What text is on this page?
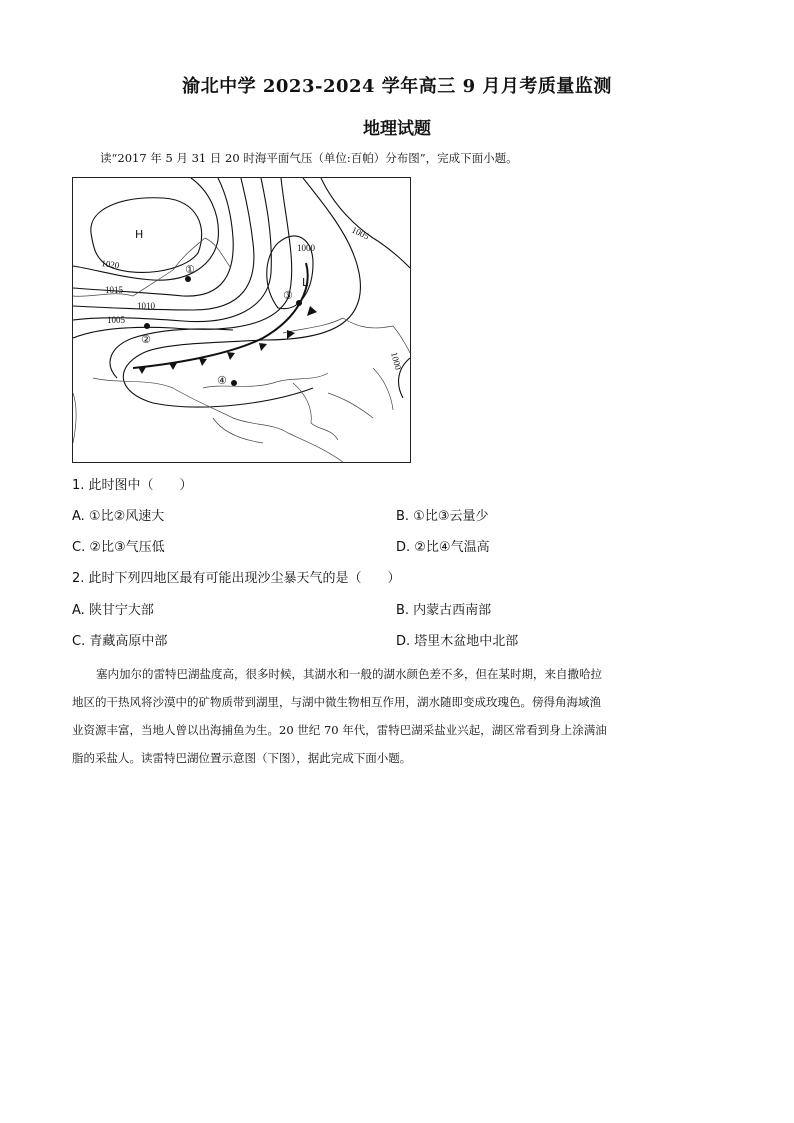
渝北中学 2023-2024 学年高三 9 月月考质量监测
地理试题
读“2017 年 5 月 31 日 20 时海平面气压（单位:百帕）分布图”，完成下面小题。
H
L
1020
1015
1010
1005
1000
1005
1000
①
②
③
④
1. 此时图中（　　）
A. ①比②风速大	B. ①比③云量少
C. ②比③气压低	D. ②比④气温高
2. 此时下列四地区最有可能出现沙尘暴天气的是（　　）
A. 陕甘宁大部	B. 内蒙古西南部
C. 青藏高原中部	D. 塔里木盆地中北部
塞内加尔的雷特巴湖盐度高，很多时候，其湖水和一般的湖水颜色差不多，但在某时期，来自撒哈拉
地区的干热风将沙漠中的矿物质带到湖里，与湖中微生物相互作用，湖水随即变成玫瑰色。傍得角海域渔
业资源丰富，当地人曾以出海捕鱼为生。20 世纪 70 年代，雷特巴湖采盐业兴起，湖区常看到身上涂满油
脂的采盐人。读雷特巴湖位置示意图（下图），据此完成下面小题。
